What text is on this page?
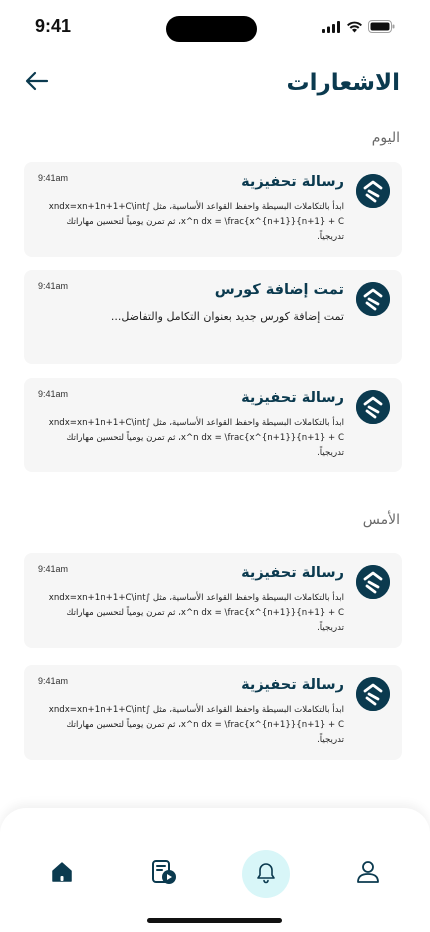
9:41
الاشعارات
اليوم
9:41am	رسالة تحفيزية
ابدأ بالتكاملات البسيطة واحفظ القواعد الأساسية، مثل ∫xndx=xn+1n+1+C\int x^n dx = \frac{x^{n+1}}{n+1} + C، ثم تمرن يومياً لتحسين مهاراتك تدريجياً.
9:41am	تمت إضافة كورس
تمت إضافة كورس جديد بعنوان التكامل والتفاضل...
9:41am	رسالة تحفيزية
ابدأ بالتكاملات البسيطة واحفظ القواعد الأساسية، مثل ∫xndx=xn+1n+1+C\int x^n dx = \frac{x^{n+1}}{n+1} + C، ثم تمرن يومياً لتحسين مهاراتك تدريجياً.
الأمس
9:41am	رسالة تحفيزية
ابدأ بالتكاملات البسيطة واحفظ القواعد الأساسية، مثل ∫xndx=xn+1n+1+C\int x^n dx = \frac{x^{n+1}}{n+1} + C، ثم تمرن يومياً لتحسين مهاراتك تدريجياً.
9:41am	رسالة تحفيزية
ابدأ بالتكاملات البسيطة واحفظ القواعد الأساسية، مثل ∫xndx=xn+1n+1+C\int x^n dx = \frac{x^{n+1}}{n+1} + C، ثم تمرن يومياً لتحسين مهاراتك تدريجياً.
